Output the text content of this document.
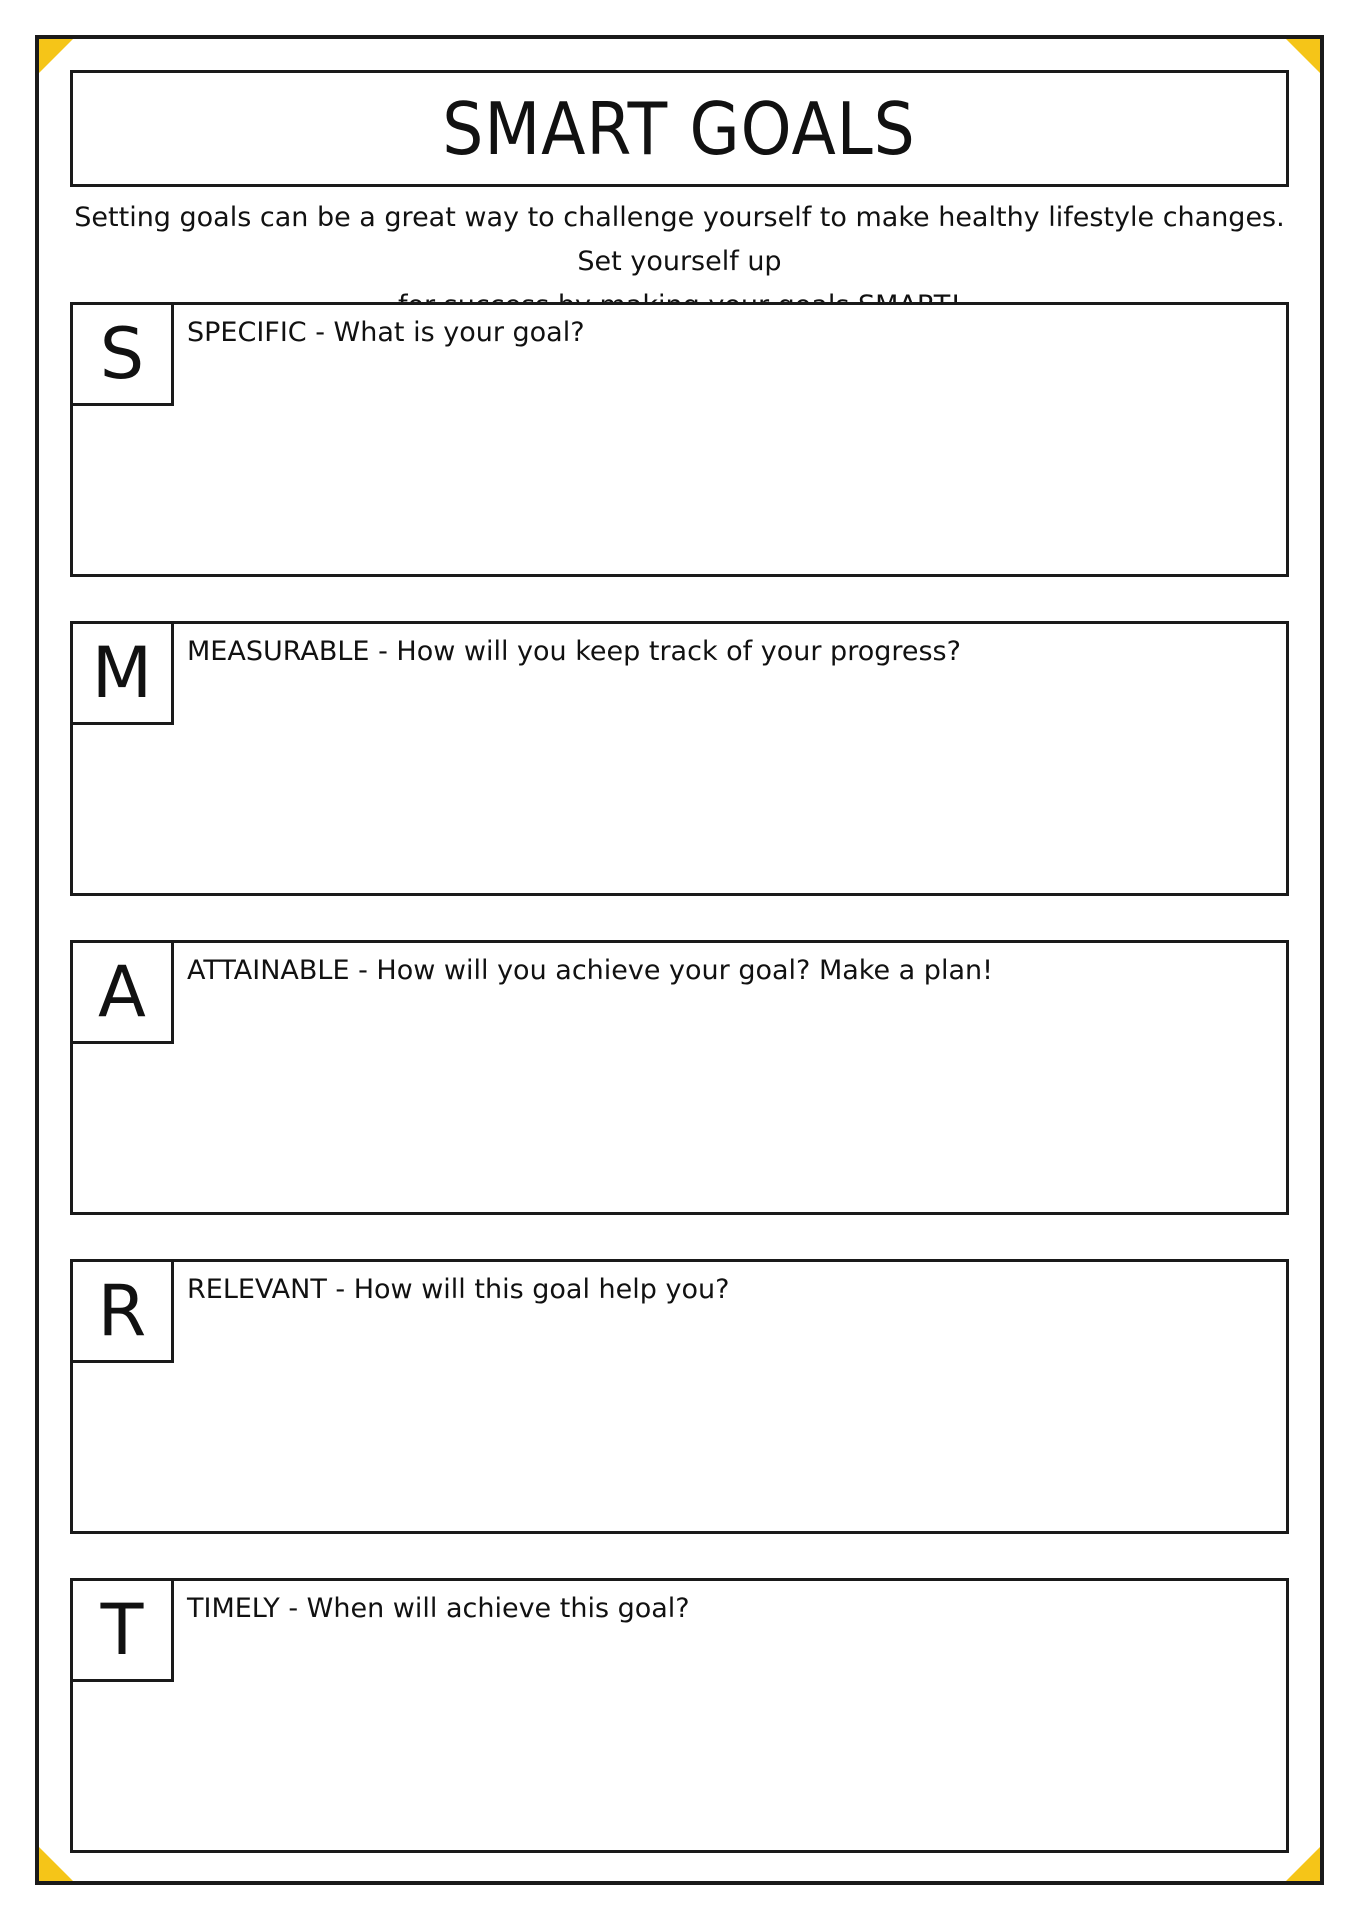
SMART GOALS
Setting goals can be a great way to challenge yourself to make healthy lifestyle changes. Set yourself up
S	SPECIFIC - What is your goal?
M	MEASURABLE - How will you keep track of your progress?
A	ATTAINABLE - How will you achieve your goal? Make a plan!
R	RELEVANT - How will this goal help you?
T	TIMELY - When will achieve this goal?
